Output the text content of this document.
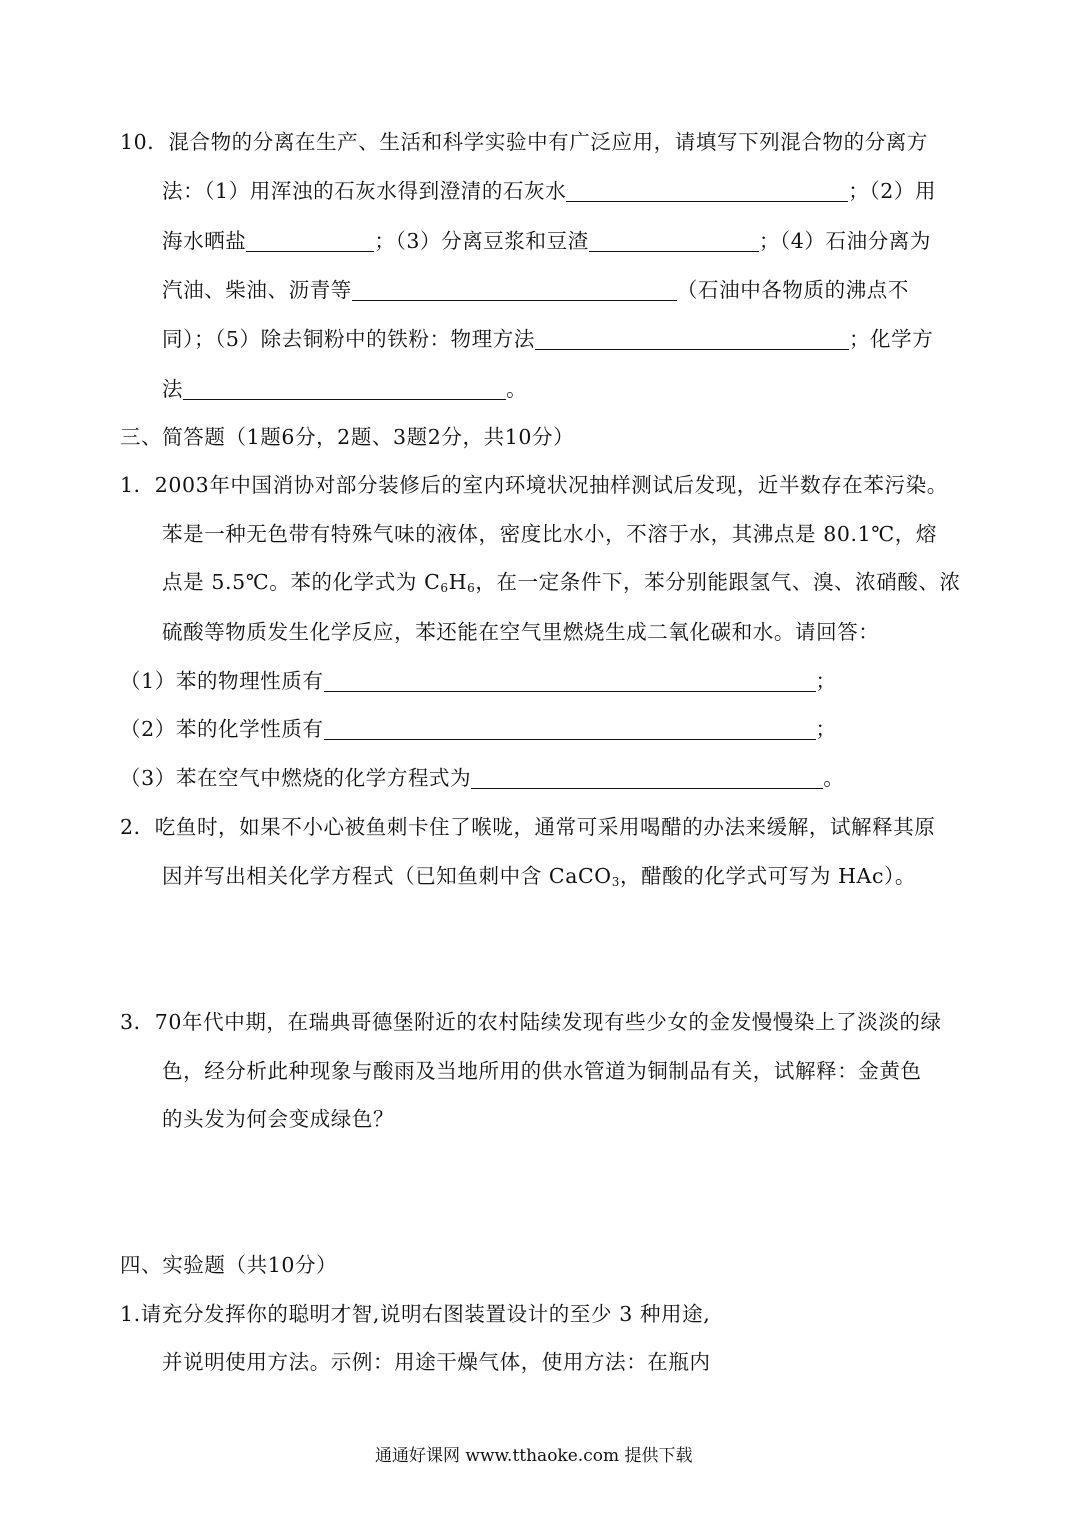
10．混合物的分离在生产、生活和科学实验中有广泛应用，请填写下列混合物的分离方
法：（1）用浑浊的石灰水得到澄清的石灰水	；（2）用
海水晒盐	；（3）分离豆浆和豆渣	；（4）石油分离为
汽油、柴油、沥青等	（石油中各物质的沸点不
同）；（5）除去铜粉中的铁粉：物理方法	；化学方
法	。
三、简答题（1题6分，2题、3题2分，共10分）
1．2003年中国消协对部分装修后的室内环境状况抽样测试后发现，近半数存在苯污染。
苯是一种无色带有特殊气味的液体，密度比水小，不溶于水，其沸点是 80.1℃，熔
点是 5.5℃。苯的化学式为 $C_6H_6$，在一定条件下，苯分别能跟氢气、溴、浓硝酸、浓
硫酸等物质发生化学反应，苯还能在空气里燃烧生成二氧化碳和水。请回答：
（1）苯的物理性质有	；
（2）苯的化学性质有	；
（3）苯在空气中燃烧的化学方程式为	。
2．吃鱼时，如果不小心被鱼刺卡住了喉咙，通常可采用喝醋的办法来缓解，试解释其原
因并写出相关化学方程式（已知鱼刺中含 CaCO$_3$，醋酸的化学式可写为 HAc）。
3．70年代中期，在瑞典哥德堡附近的农村陆续发现有些少女的金发慢慢染上了淡淡的绿
色，经分析此种现象与酸雨及当地所用的供水管道为铜制品有关，试解释：金黄色
的头发为何会变成绿色？
四、实验题（共10分）
1.请充分发挥你的聪明才智,说明右图装置设计的至少 3 种用途,
并说明使用方法。示例：用途干燥气体，使用方法：在瓶内
通通好课网 www.tthaoke.com 提供下载
